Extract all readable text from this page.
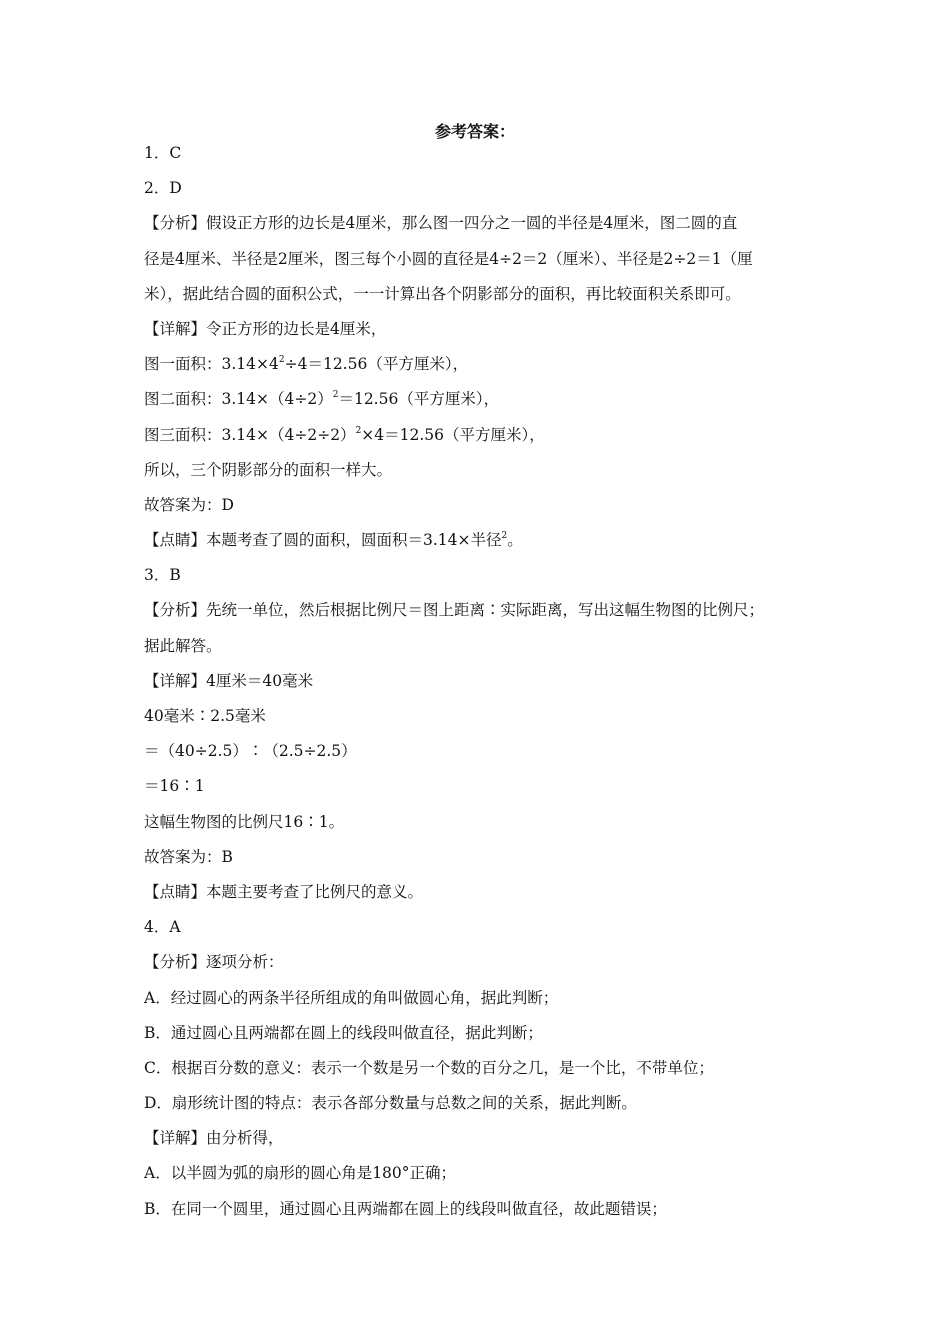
参考答案：
1．C
2．D
【分析】假设正方形的边长是4厘米，那么图一四分之一圆的半径是4厘米，图二圆的直
径是4厘米、半径是2厘米，图三每个小圆的直径是4÷2＝2（厘米）、半径是2÷2＝1（厘
米），据此结合圆的面积公式，一一计算出各个阴影部分的面积，再比较面积关系即可。
【详解】令正方形的边长是4厘米，
图一面积：$3.14\times 4^2\div 4=12.56$（平方厘米），
图二面积：$3.14\times(4\div 2)^2=12.56$（平方厘米），
图三面积：$3.14\times(4\div 2\div 2)^2\times 4=12.56$（平方厘米），
所以，三个阴影部分的面积一样大。
故答案为：D
【点睛】本题考查了圆的面积，圆面积＝3.14×半径$^2$。
3．B
【分析】先统一单位，然后根据比例尺＝图上距离∶实际距离，写出这幅生物图的比例尺；
据此解答。
【详解】4厘米＝40毫米
40毫米∶2.5毫米
＝（40÷2.5）∶（2.5÷2.5）
＝16∶1
这幅生物图的比例尺16∶1。
故答案为：B
【点睛】本题主要考查了比例尺的意义。
4．A
【分析】逐项分析：
A．经过圆心的两条半径所组成的角叫做圆心角，据此判断；
B．通过圆心且两端都在圆上的线段叫做直径，据此判断；
C．根据百分数的意义：表示一个数是另一个数的百分之几，是一个比，不带单位；
D．扇形统计图的特点：表示各部分数量与总数之间的关系，据此判断。
【详解】由分析得，
A．以半圆为弧的扇形的圆心角是180°正确；
B．在同一个圆里，通过圆心且两端都在圆上的线段叫做直径，故此题错误；
